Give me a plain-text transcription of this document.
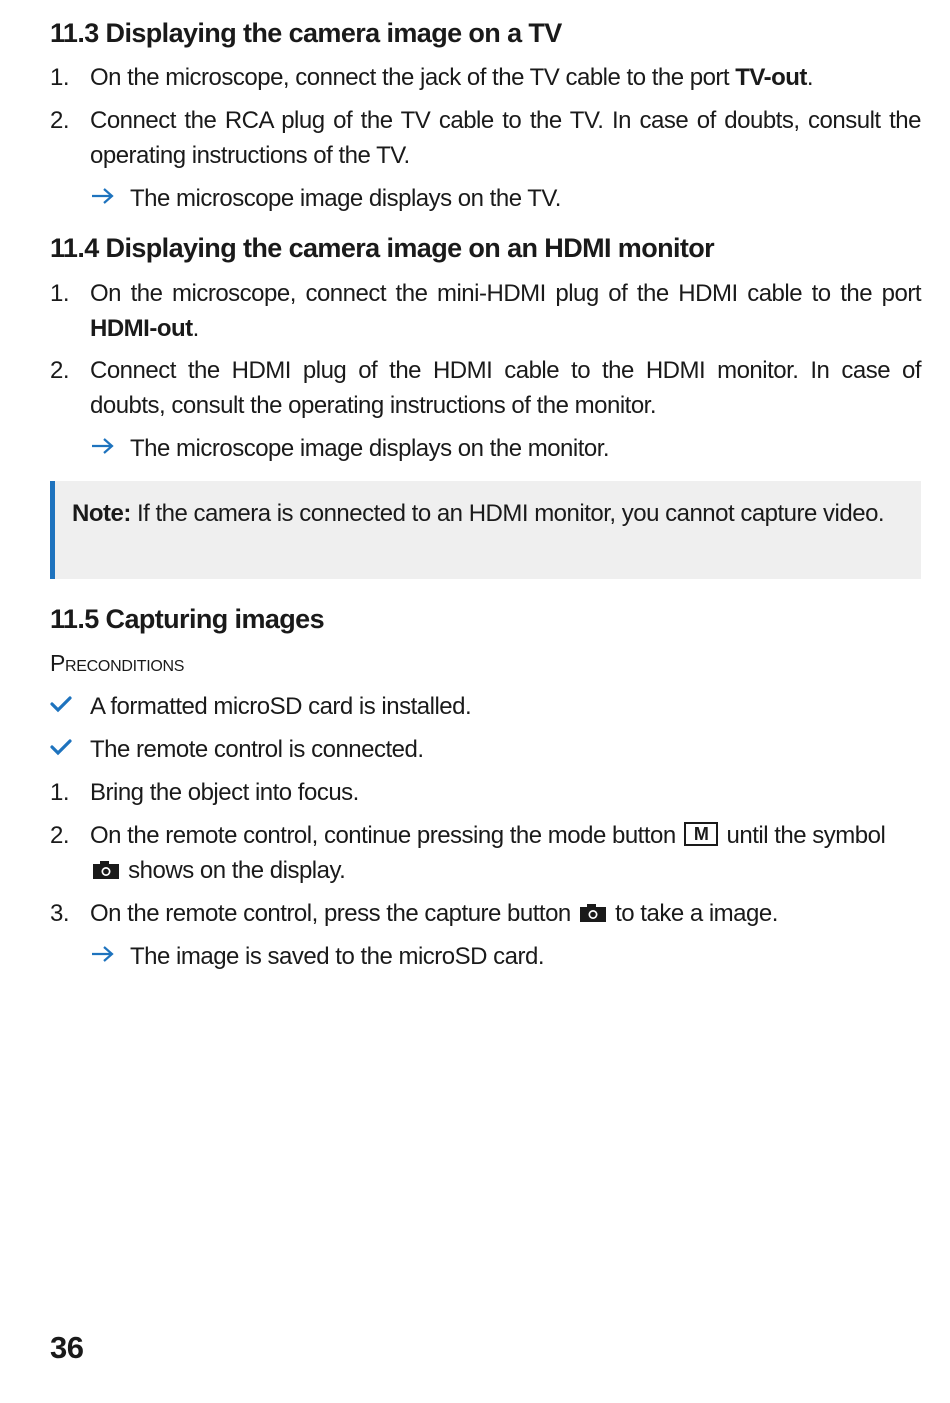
11.3 Displaying the camera image on a TV
1. On the microscope, connect the jack of the TV cable to the port TV-out.
2. Connect the RCA plug of the TV cable to the TV. In case of doubts, consult the operating instructions of the TV.
The microscope image displays on the TV.
11.4 Displaying the camera image on an HDMI monitor
1. On the microscope, connect the mini-HDMI plug of the HDMI cable to the port HDMI-out.
2. Connect the HDMI plug of the HDMI cable to the HDMI monitor. In case of doubts, consult the operating instructions of the monitor.
The microscope image displays on the monitor.
Note: If the camera is connected to an HDMI monitor, you cannot capture video.
11.5 Capturing images
Preconditions
A formatted microSD card is installed.
The remote control is connected.
1. Bring the object into focus.
2. On the remote control, continue pressing the mode button M until the symbol
shows on the display.
3. On the remote control, press the capture button  to take a image.
The image is saved to the microSD card.
36
